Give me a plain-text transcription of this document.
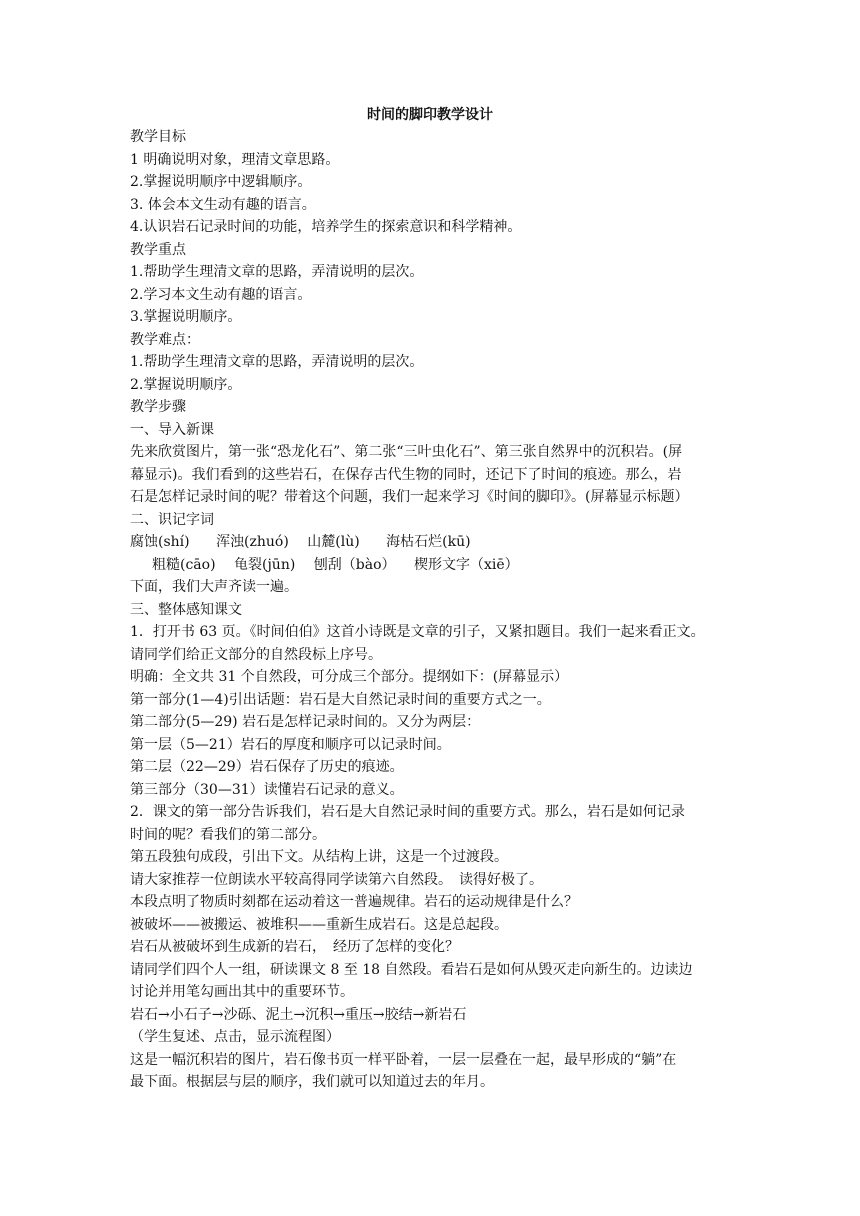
时间的脚印教学设计
教学目标
1 明确说明对象，理清文章思路。
2.掌握说明顺序中逻辑顺序。
3. 体会本文生动有趣的语言。
4.认识岩石记录时间的功能，培养学生的探索意识和科学精神。
教学重点
1.帮助学生理清文章的思路，弄清说明的层次。
2.学习本文生动有趣的语言。
3.掌握说明顺序。
教学难点：
1.帮助学生理清文章的思路，弄清说明的层次。
2.掌握说明顺序。
教学步骤
一、导入新课
先来欣赏图片，第一张“恐龙化石”、第二张“三叶虫化石”、第三张自然界中的沉积岩。(屏
幕显示)。我们看到的这些岩石，在保存古代生物的同时，还记下了时间的痕迹。那么，岩
石是怎样记录时间的呢？带着这个问题，我们一起来学习《时间的脚印》。(屏幕显示标题）
二、识记字词
腐蚀(shí) 浑浊(zhuó) 山麓(lù) 海枯石烂(kū)
粗糙(cāo) 龟裂(jūn) 刨刮（bào） 楔形文字（xiē）
下面，我们大声齐读一遍。
三、整体感知课文
1．打开书 63 页。《时间伯伯》这首小诗既是文章的引子，又紧扣题目。我们一起来看正文。
请同学们给正文部分的自然段标上序号。
明确：全文共 31 个自然段，可分成三个部分。提纲如下：(屏幕显示）
第一部分(1—4)引出话题：岩石是大自然记录时间的重要方式之一。
第二部分(5—29) 岩石是怎样记录时间的。又分为两层：
第一层（5—21）岩石的厚度和顺序可以记录时间。
第二层（22—29）岩石保存了历史的痕迹。
第三部分（30—31）读懂岩石记录的意义。
2．课文的第一部分告诉我们，岩石是大自然记录时间的重要方式。那么，岩石是如何记录
时间的呢？看我们的第二部分。
第五段独句成段，引出下文。从结构上讲，这是一个过渡段。
请大家推荐一位朗读水平较高得同学读第六自然段。　读得好极了。
本段点明了物质时刻都在运动着这一普遍规律。岩石的运动规律是什么？
被破坏——被搬运、被堆积——重新生成岩石。这是总起段。
岩石从被破坏到生成新的岩石，　经历了怎样的变化？
请同学们四个人一组，研读课文 8 至 18 自然段。看岩石是如何从毁灭走向新生的。边读边
讨论并用笔勾画出其中的重要环节。
岩石→小石子→沙砾、泥土→沉积→重压→胶结→新岩石
（学生复述、点击，显示流程图）
这是一幅沉积岩的图片，岩石像书页一样平卧着，一层一层叠在一起，最早形成的“躺”在
最下面。根据层与层的顺序，我们就可以知道过去的年月。
